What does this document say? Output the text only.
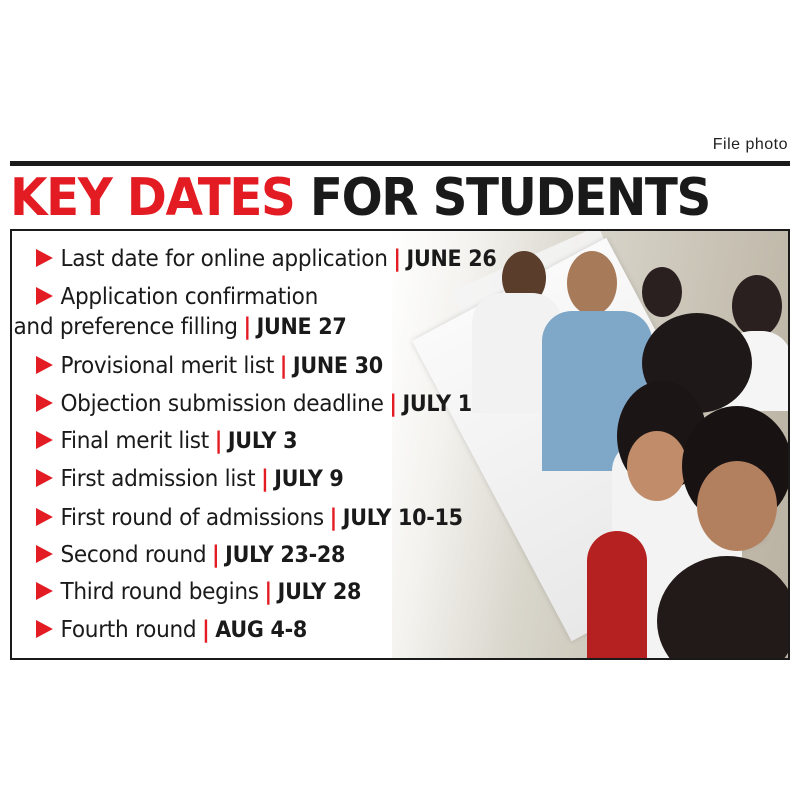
File photo
KEY DATES FOR STUDENTS
Last date for online application | JUNE 26
Application confirmation
and preference filling | JUNE 27
Provisional merit list | JUNE 30
Objection submission deadline | JULY 1
Final merit list | JULY 3
First admission list | JULY 9
First round of admissions | JULY 10-15
Second round | JULY 23-28
Third round begins | JULY 28
Fourth round | AUG 4-8
